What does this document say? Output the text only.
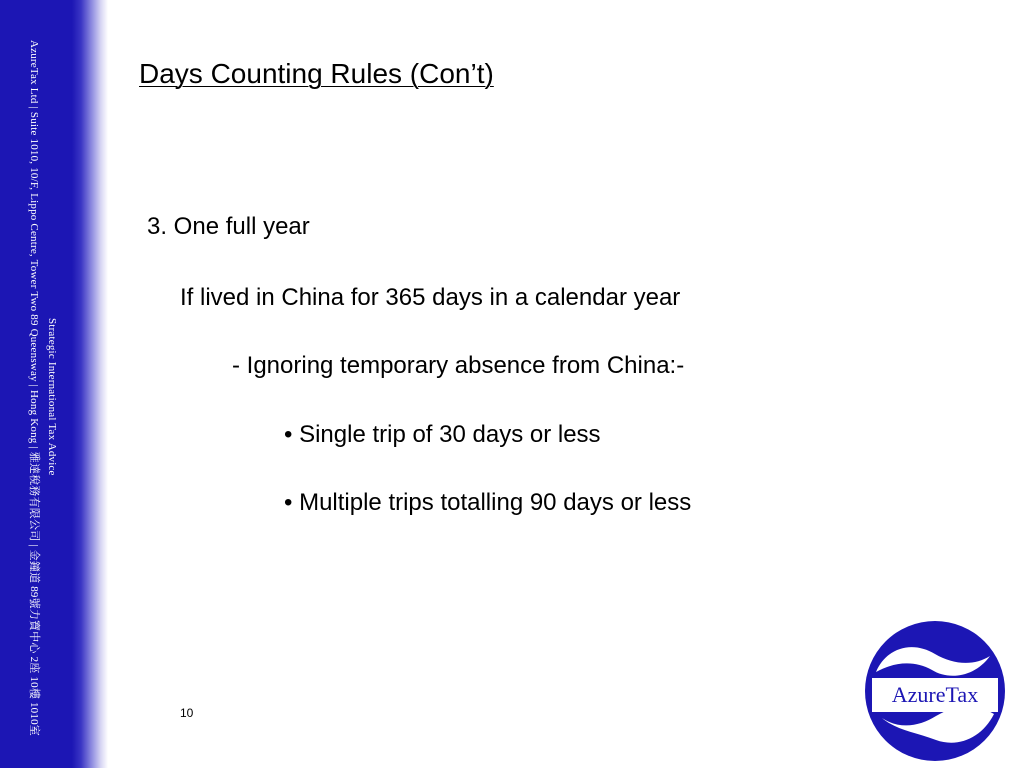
AzureTax Ltd | Suite 1010, 10/F, Lippo Centre, Tower Two 89 Queensway | Hong Kong | 雅達稅務有限公司 | 金鐘道 89號力寶中心 2座 10樓 1010室 Strategic International Tax Advice
Days Counting Rules (Con’t)

3. One full year

If lived in China for 365 days in a calendar year

- Ignoring temporary absence from China:-

• Single trip of 30 days or less

• Multiple trips totalling 90 days or less

10
AzureTax
